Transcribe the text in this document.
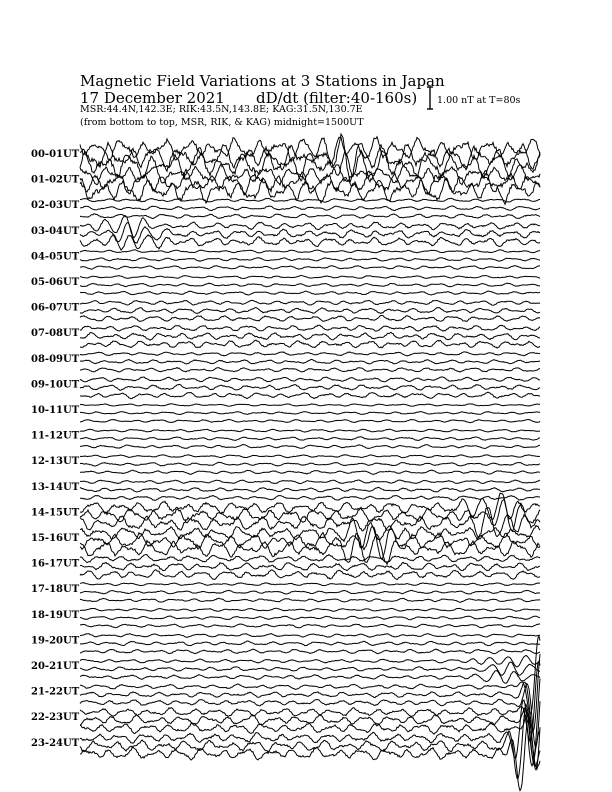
Magnetic Field Variations at 3 Stations in Japan
17 December 2021 dD/dt (filter:40-160s)
MSR:44.4N,142.3E; RIK:43.5N,143.8E; KAG:31.5N,130.7E
(from bottom to top, MSR, RIK, & KAG) midnight=1500UT
1.00 nT at T=80s
00-01UT
01-02UT
02-03UT
03-04UT
04-05UT
05-06UT
06-07UT
07-08UT
08-09UT
09-10UT
10-11UT
11-12UT
12-13UT
13-14UT
14-15UT
15-16UT
16-17UT
17-18UT
18-19UT
19-20UT
20-21UT
21-22UT
22-23UT
23-24UT
